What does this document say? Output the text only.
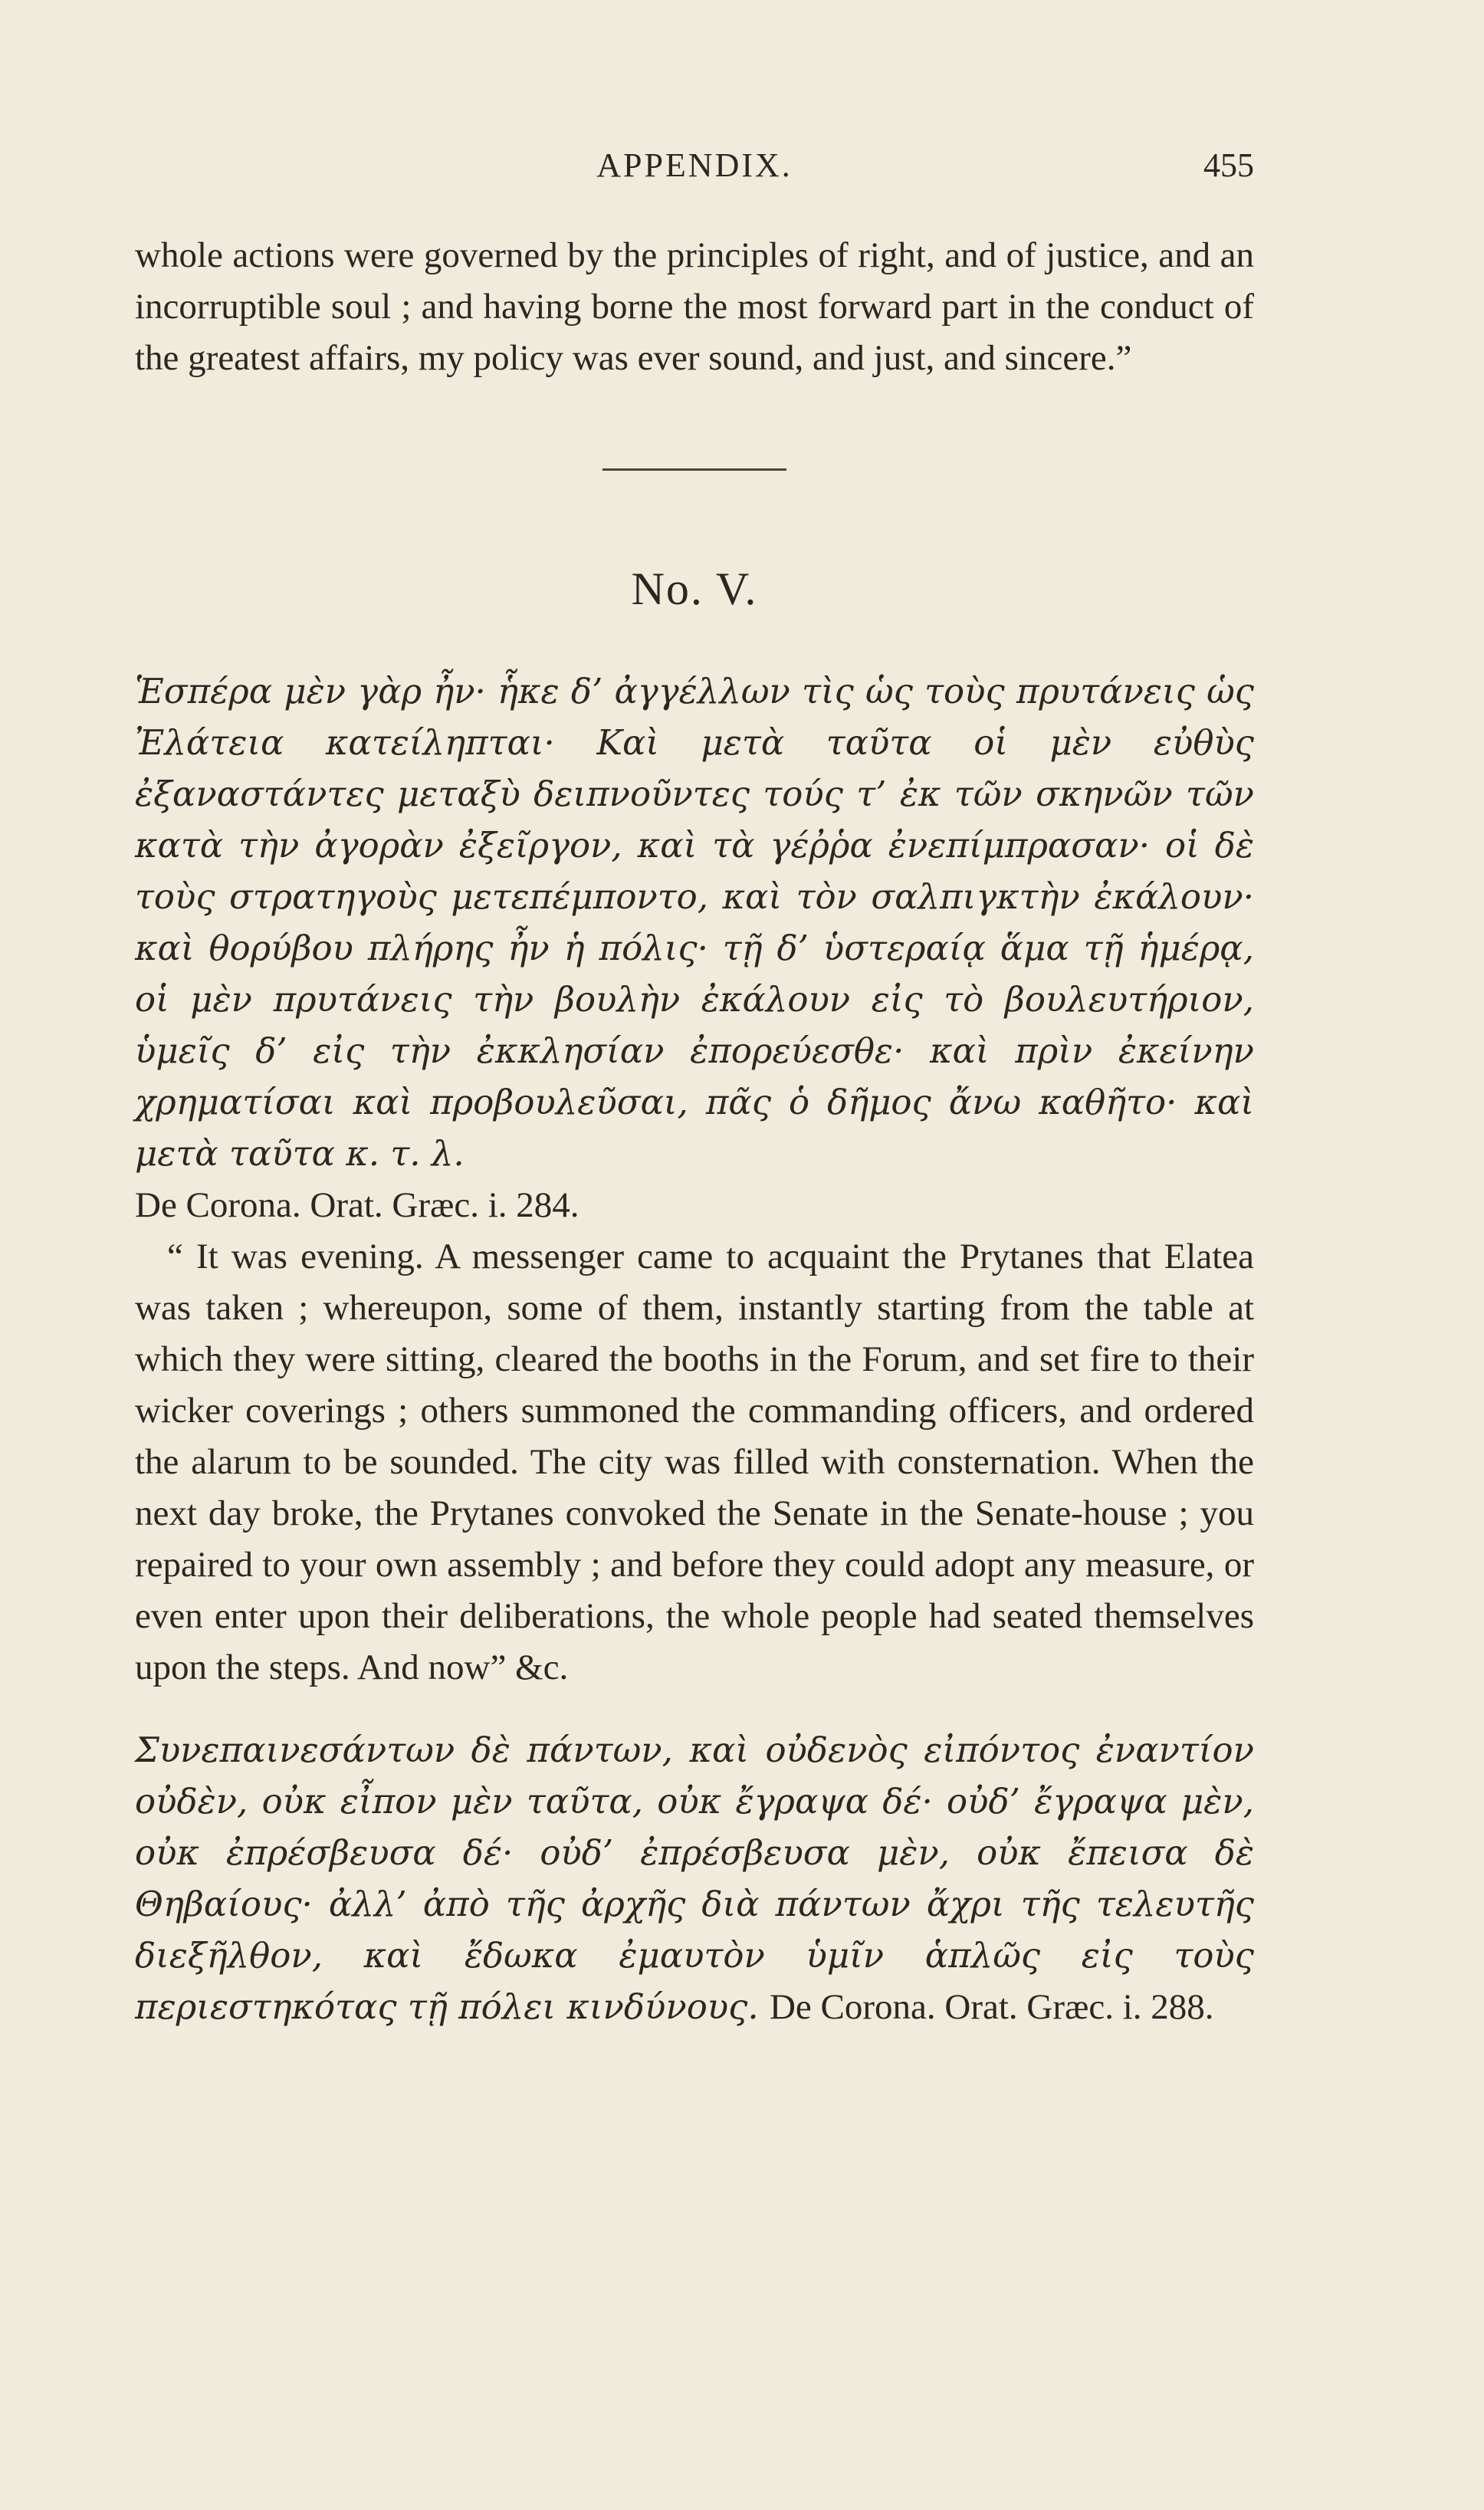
APPENDIX.	455

whole actions were governed by the principles of right, and of justice, and an incorruptible soul ; and having borne the most forward part in the conduct of the greatest affairs, my policy was ever sound, and just, and sincere.”

No. V.

Ἑσπέρα μὲν γὰρ ἦν· ἧκε δ’ ἀγγέλλων τὶς ὡς τοὺς πρυτάνεις ὡς Ἐλάτεια κατείληπται· Καὶ μετὰ ταῦτα οἱ μὲν εὐθὺς ἐξαναστάντες μεταξὺ δειπνοῦντες τούς τ’ ἐκ τῶν σκηνῶν τῶν κατὰ τὴν ἀγορὰν ἐξεῖργον, καὶ τὰ γέῤῥα ἐνεπίμπρασαν· οἱ δὲ τοὺς στρατηγοὺς μετεπέμποντο, καὶ τὸν σαλπιγκτὴν ἐκάλουν· καὶ θορύβου πλήρης ἦν ἡ πόλις· τῇ δ’ ὑστεραίᾳ ἅμα τῇ ἡμέρᾳ, οἱ μὲν πρυτάνεις τὴν βουλὴν ἐκάλουν εἰς τὸ βουλευτήριον, ὑμεῖς δ’ εἰς τὴν ἐκκλησίαν ἐπορεύεσθε· καὶ πρὶν ἐκείνην χρηματίσαι καὶ προβουλεῦσαι, πᾶς ὁ δῆμος ἄνω καθῆτο· καὶ μετὰ ταῦτα κ. τ. λ.
De Corona. Orat. Græc. i. 284.

“ It was evening. A messenger came to acquaint the Prytanes that Elatea was taken ; whereupon, some of them, instantly starting from the table at which they were sitting, cleared the booths in the Forum, and set fire to their wicker coverings ; others summoned the commanding officers, and ordered the alarum to be sounded. The city was filled with consternation. When the next day broke, the Prytanes convoked the Senate in the Senate-house ; you repaired to your own assembly ; and before they could adopt any measure, or even enter upon their deliberations, the whole people had seated themselves upon the steps. And now” &c.

Συνεπαινεσάντων δὲ πάντων, καὶ οὐδενὸς εἰπόντος ἐναντίον οὐδὲν, οὐκ εἶπον μὲν ταῦτα, οὐκ ἔγραψα δέ· οὐδ’ ἔγραψα μὲν, οὐκ ἐπρέσβευσα δέ· οὐδ’ ἐπρέσβευσα μὲν, οὐκ ἔπεισα δὲ Θηβαίους· ἀλλ’ ἀπὸ τῆς ἀρχῆς διὰ πάντων ἄχρι τῆς τελευτῆς διεξῆλθον, καὶ ἔδωκα ἐμαυτὸν ὑμῖν ἁπλῶς εἰς τοὺς περιεστηκότας τῇ πόλει κινδύνους. De Corona. Orat. Græc. i. 288.
